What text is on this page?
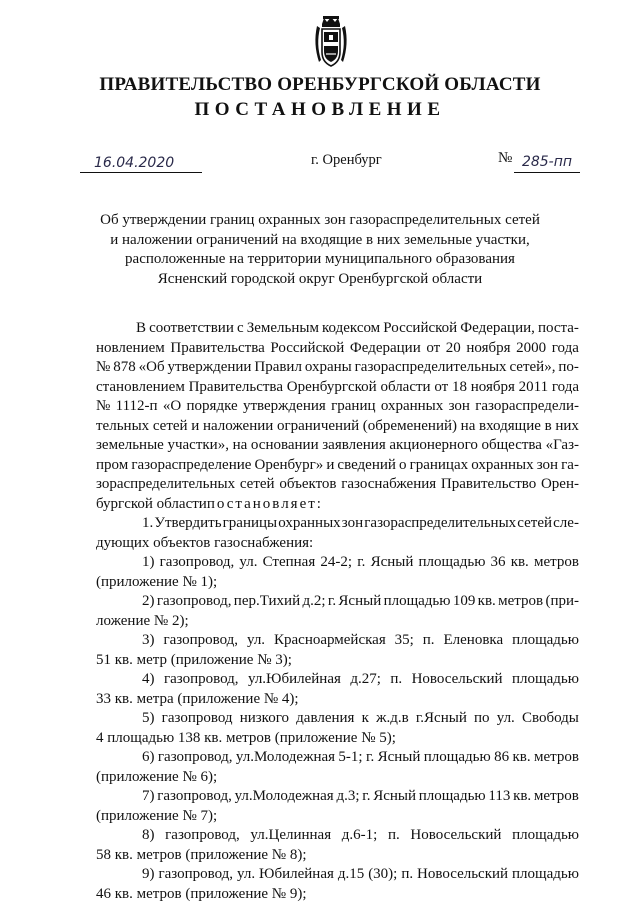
ПРАВИТЕЛЬСТВО ОРЕНБУРГСКОЙ ОБЛАСТИ
ПОСТАНОВЛЕНИЕ
16.04.2020	г. Оренбург	№ 285-пп
Об утверждении границ охранных зон газораспределительных сетей
и наложении ограничений на входящие в них земельные участки,
расположенные на территории муниципального образования
Ясненский городской округ Оренбургской области
В соответствии с Земельным кодексом Российской Федерации, поста-
новлением Правительства Российской Федерации от 20 ноября 2000 года
№ 878 «Об утверждении Правил охраны газораспределительных сетей», по-
становлением Правительства Оренбургской области от 18 ноября 2011 года
№ 1112-п «О порядке утверждения границ охранных зон газораспредели-
тельных сетей и наложении ограничений (обременений) на входящие в них
земельные участки», на основании заявления акционерного общества «Газ-
пром газораспределение Оренбург» и сведений о границах охранных зон га-
зораспределительных сетей объектов газоснабжения Правительство Орен-
бургской областипостановляет:
1. Утвердить границы охранных зон газораспределительных сетей сле-
дующих объектов газоснабжения:
1) газопровод, ул. Степная 24-2; г. Ясный площадью 36 кв. метров
(приложение № 1);
2) газопровод, пер.Тихий д.2; г. Ясный площадью 109 кв. метров (при-
ложение № 2);
3) газопровод, ул. Красноармейская 35; п. Еленовка площадью
51 кв. метр (приложение № 3);
4) газопровод, ул.Юбилейная д.27; п. Новосельский площадью
33 кв. метра (приложение № 4);
5) газопровод низкого давления к ж.д.в г.Ясный по ул. Свободы
4 площадью 138 кв. метров (приложение № 5);
6) газопровод, ул.Молодежная 5-1; г. Ясный площадью 86 кв. метров
(приложение № 6);
7) газопровод, ул.Молодежная д.3; г. Ясный площадью 113 кв. метров
(приложение № 7);
8) газопровод, ул.Целинная д.6-1; п. Новосельский площадью
58 кв. метров (приложение № 8);
9) газопровод, ул. Юбилейная д.15 (30); п. Новосельский площадью
46 кв. метров (приложение № 9);
